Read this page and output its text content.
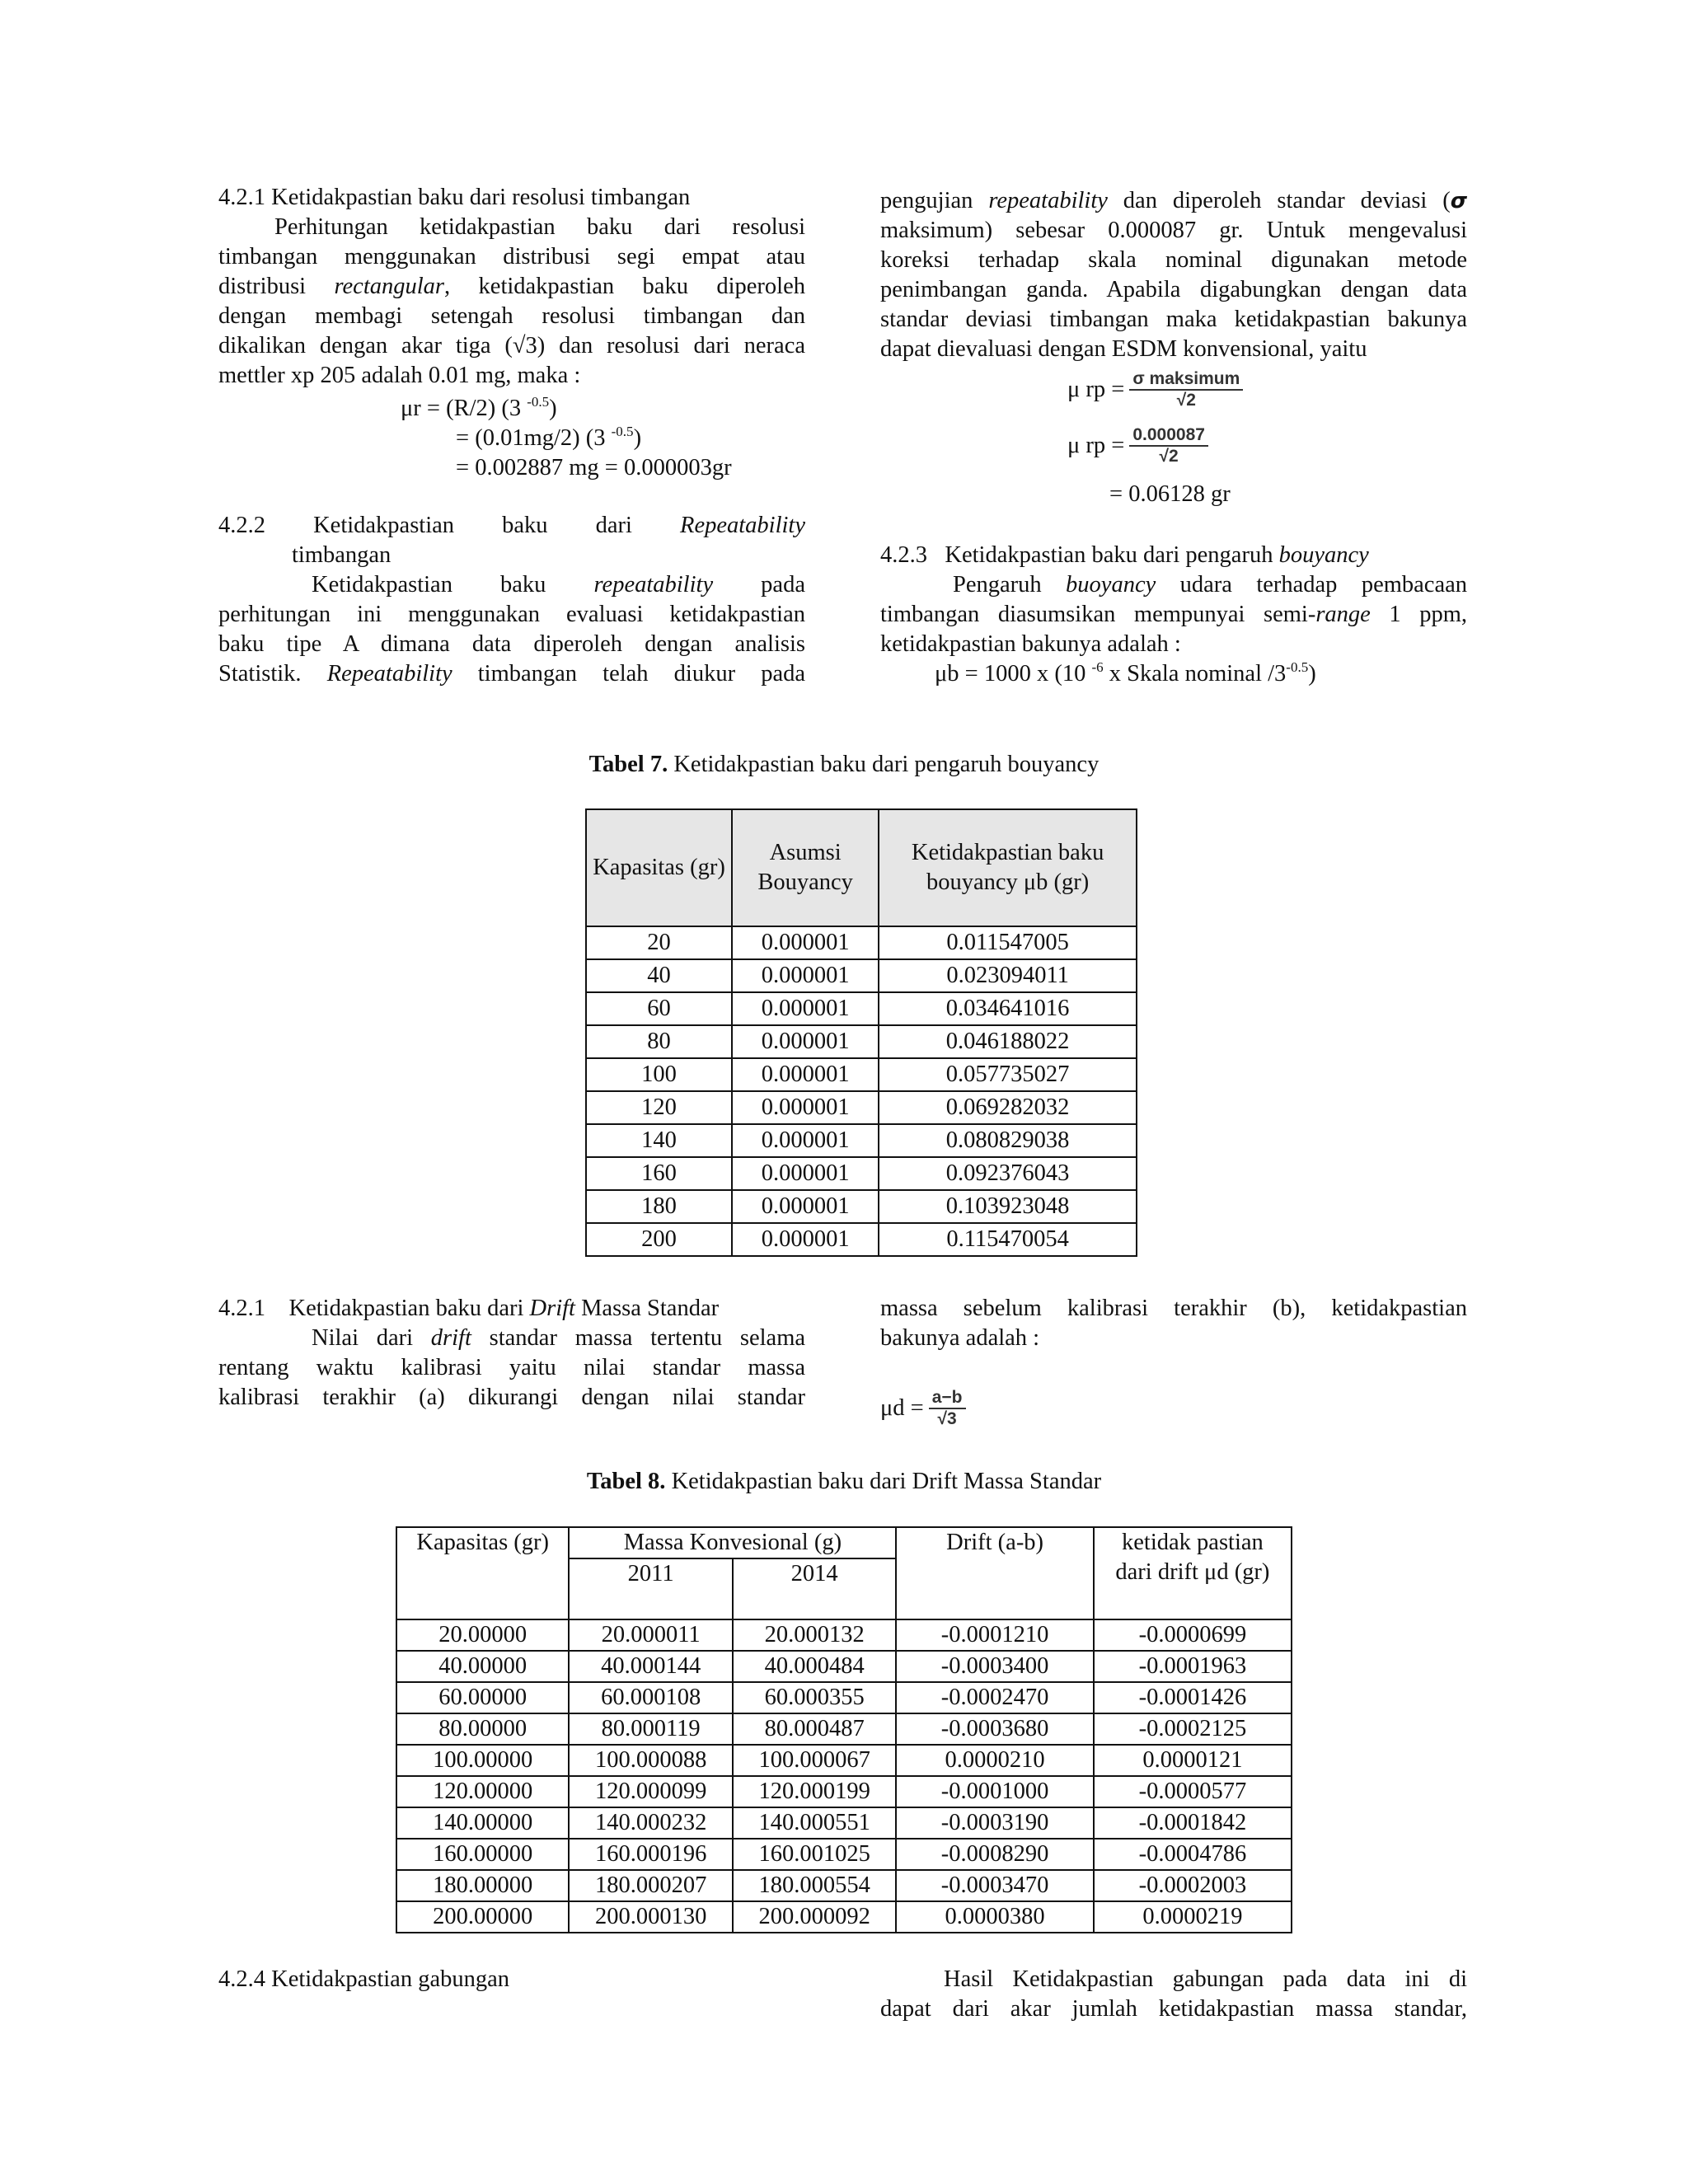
4.2.1 Ketidakpastian baku dari resolusi timbangan

Perhitungan ketidakpastian baku dari resolusi

timbangan menggunakan distribusi segi empat atau

distribusi rectangular, ketidakpastian baku diperoleh

dengan membagi setengah resolusi timbangan dan

dikalikan dengan akar tiga (√3) dan resolusi dari neraca

mettler xp 205 adalah 0.01 mg, maka :

μr = (R/2) (3 $^{-0.5}$)
= (0.01mg/2) (3 $^{-0.5}$)
= 0.002887 mg = 0.000003gr
4.2.2 Ketidakpastian baku dari Repeatability

timbangan

Ketidakpastian baku repeatability pada

perhitungan ini menggunakan evaluasi ketidakpastian

baku tipe A dimana data diperoleh dengan analisis

Statistik. Repeatability timbangan telah diukur pada

pengujian repeatability dan diperoleh standar deviasi (σ

maksimum) sebesar 0.000087 gr. Untuk mengevalusi

koreksi terhadap skala nominal digunakan metode

penimbangan ganda. Apabila digabungkan dengan data

standar deviasi timbangan maka ketidakpastian bakunya

dapat dievaluasi dengan ESDM konvensional, yaitu

μ rp = $\frac{\text{σ maksimum}}{√2}$
μ rp = $\frac{0.000087}{√2}$
= 0.06128 gr

4.2.3   Ketidakpastian baku dari pengaruh bouyancy

Pengaruh buoyancy udara terhadap pembacaan

timbangan diasumsikan mempunyai semi-range 1 ppm,

ketidakpastian bakunya adalah :

μb = 1000 x (10 $^{-6}$ x Skala nominal $/3^{-0.5}$)

Tabel 7. Ketidakpastian baku dari pengaruh bouyancy
Kapasitas (gr)	Asumsi Bouyancy	Ketidakpastian baku bouyancy μb (gr)
20	0.000001	0.011547005
40	0.000001	0.023094011
60	0.000001	0.034641016
80	0.000001	0.046188022
100	0.000001	0.057735027
120	0.000001	0.069282032
140	0.000001	0.080829038
160	0.000001	0.092376043
180	0.000001	0.103923048
200	0.000001	0.115470054

4.2.1    Ketidakpastian baku dari Drift Massa Standar

Nilai dari drift standar massa tertentu selama

rentang waktu kalibrasi yaitu nilai standar massa

kalibrasi terakhir (a) dikurangi dengan nilai standar

massa sebelum kalibrasi terakhir (b), ketidakpastian

bakunya adalah :

$\mu d = \frac{a-b}{√3}$
Tabel 8. Ketidakpastian baku dari Drift Massa Standar
Kapasitas (gr)	Massa Konvesional (g)		Drift (a-b)	ketidak pastian dari drift μd (gr)
	2011	2014		
20.00000	20.000011	20.000132	-0.0001210	-0.0000699
40.00000	40.000144	40.000484	-0.0003400	-0.0001963
60.00000	60.000108	60.000355	-0.0002470	-0.0001426
80.00000	80.000119	80.000487	-0.0003680	-0.0002125
100.00000	100.000088	100.000067	0.0000210	0.0000121
120.00000	120.000099	120.000199	-0.0001000	-0.0000577
140.00000	140.000232	140.000551	-0.0003190	-0.0001842
160.00000	160.000196	160.001025	-0.0008290	-0.0004786
180.00000	180.000207	180.000554	-0.0003470	-0.0002003
200.00000	200.000130	200.000092	0.0000380	0.0000219
4.2.4 Ketidakpastian gabungan	Hasil Ketidakpastian gabungan pada data ini di

dapat dari akar jumlah ketidakpastian massa standar,
